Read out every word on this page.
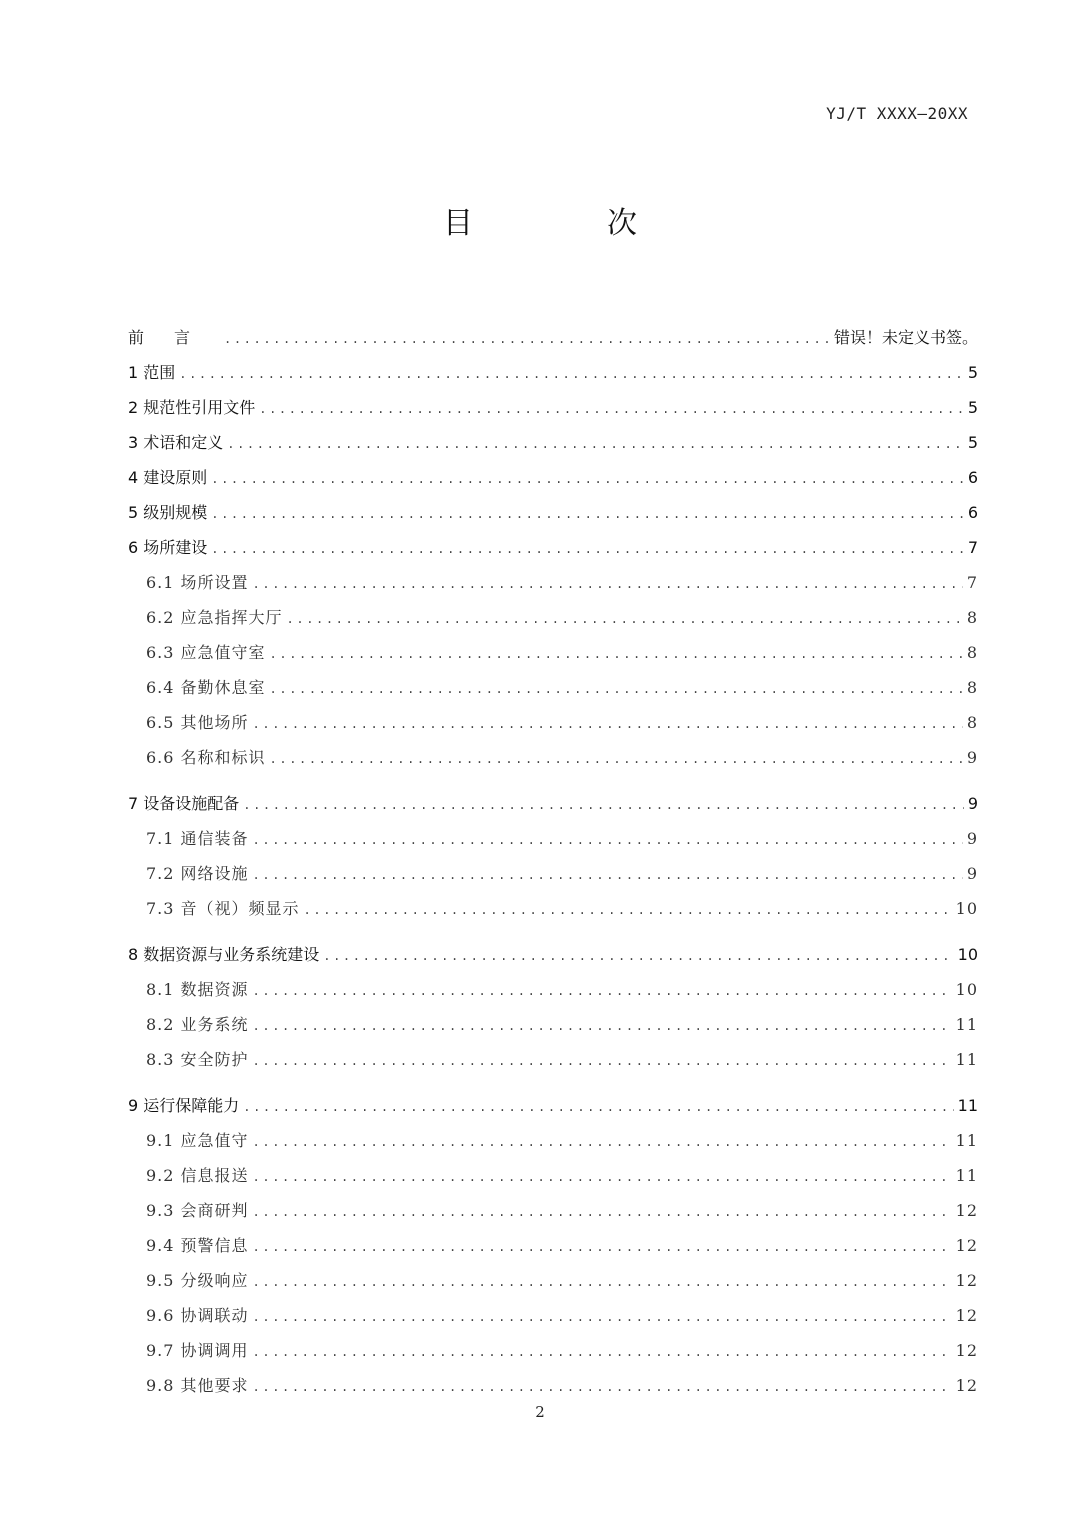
YJ/T XXXX—20XX
目　次
前言 .....	错误！未定义书签。
1 范围 .....	5
2 规范性引用文件 .....	5
3 术语和定义 .....	5
4 建设原则 .....	6
5 级别规模 .....	6
6 场所建设 .....	7
6.1 场所设置 .....	7
6.2 应急指挥大厅 .....	8
6.3 应急值守室 .....	8
6.4 备勤休息室 .....	8
6.5 其他场所 .....	8
6.6 名称和标识 .....	9
7 设备设施配备 .....	9
7.1 通信装备 .....	9
7.2 网络设施 .....	9
7.3 音（视）频显示 .....	10
8 数据资源与业务系统建设 .....	10
8.1 数据资源 .....	10
8.2 业务系统 .....	11
8.3 安全防护 .....	11
9 运行保障能力 .....	11
9.1 应急值守 .....	11
9.2 信息报送 .....	11
9.3 会商研判 .....	12
9.4 预警信息 .....	12
9.5 分级响应 .....	12
9.6 协调联动 .....	12
9.7 协调调用 .....	12
9.8 其他要求 .....	12
2
